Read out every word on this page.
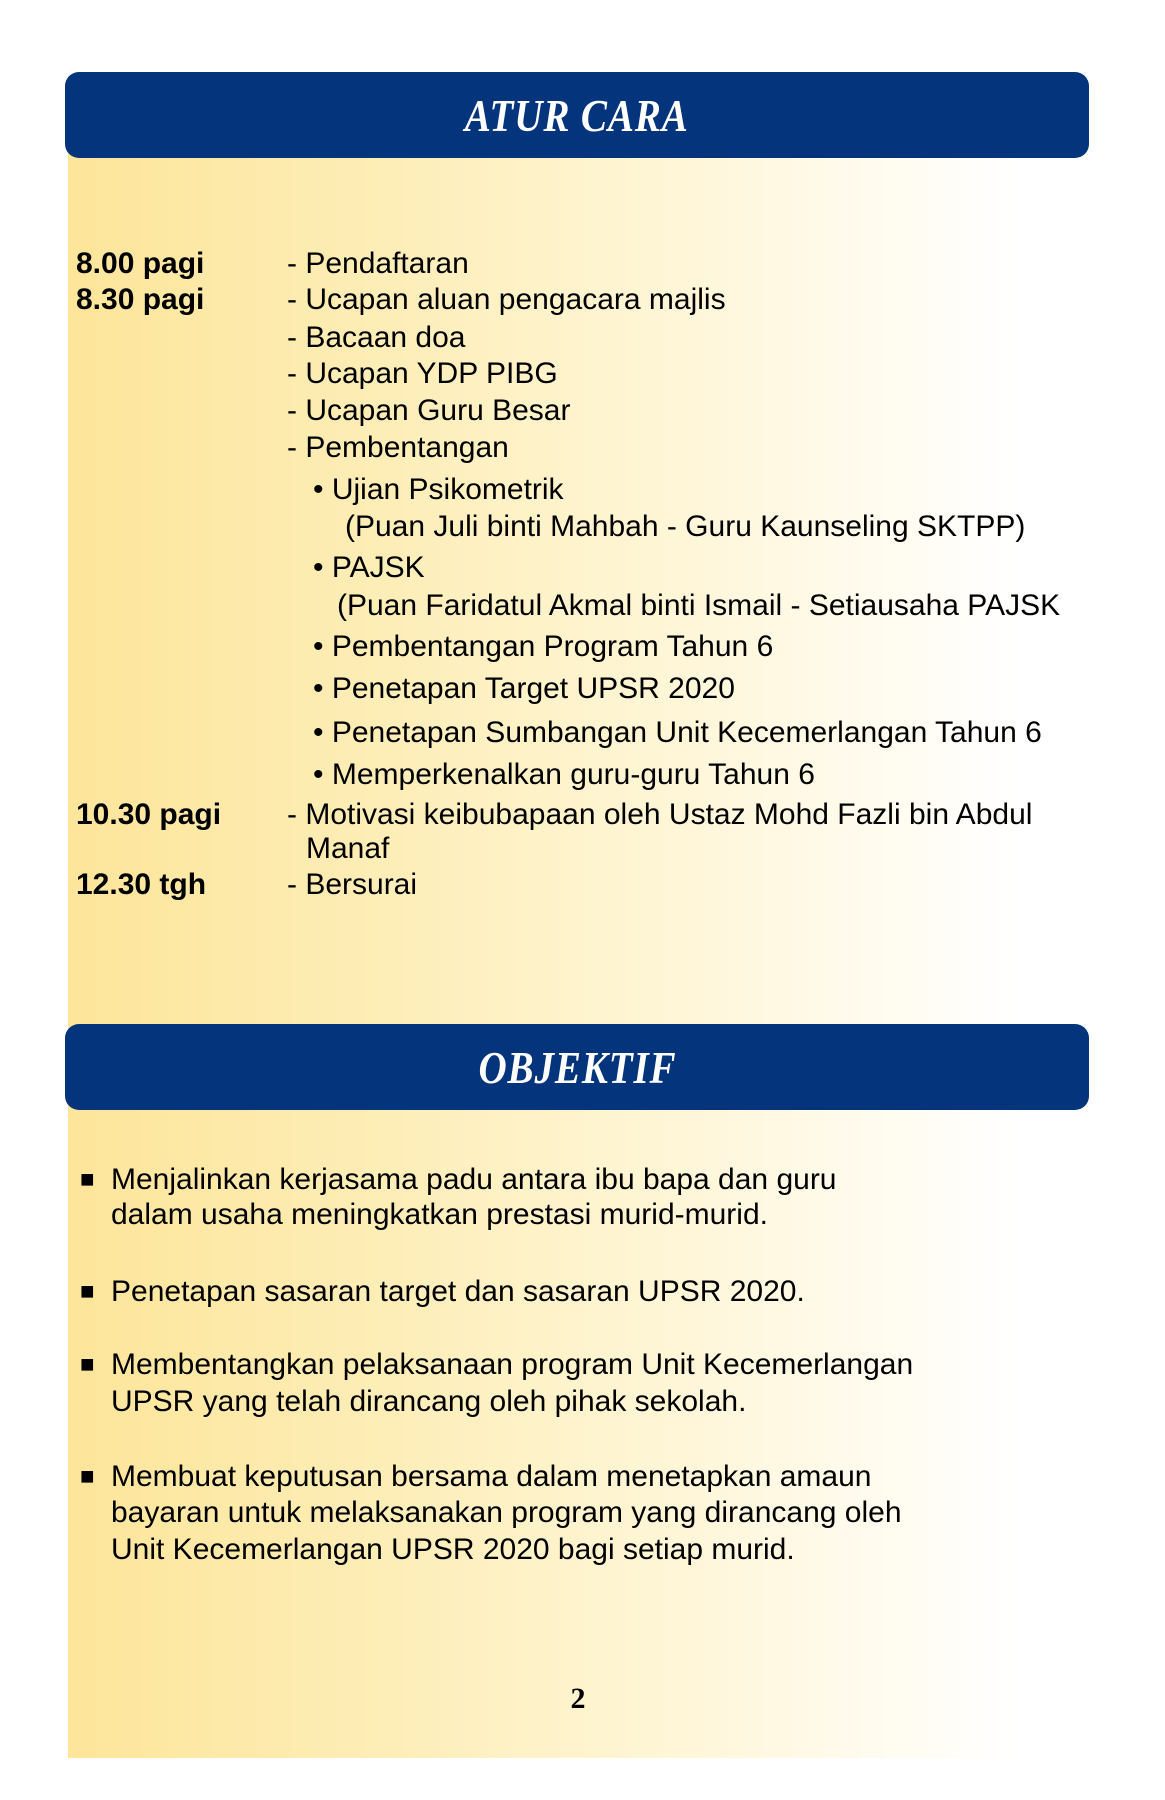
ATUR CARA
8.00 pagi	- Pendaftaran
8.30 pagi	- Ucapan aluan pengacara majlis
- Bacaan doa
- Ucapan YDP PIBG
- Ucapan Guru Besar
- Pembentangan
• Ujian Psikometrik
(Puan Juli binti Mahbah - Guru Kaunseling SKTPP)
• PAJSK
(Puan Faridatul Akmal binti Ismail - Setiausaha PAJSK
• Pembentangan Program Tahun 6
• Penetapan Target UPSR 2020
• Penetapan Sumbangan Unit Kecemerlangan Tahun 6
• Memperkenalkan guru-guru Tahun 6
10.30 pagi - Motivasi keibubapaan oleh Ustaz Mohd Fazli bin Abdul
Manaf
12.30 tgh	- Bersurai
OBJEKTIF
■ Menjalinkan kerjasama padu antara ibu bapa dan guru
dalam usaha meningkatkan prestasi murid-murid.
■ Penetapan sasaran target dan sasaran UPSR 2020.
■ Membentangkan pelaksanaan program Unit Kecemerlangan
UPSR yang telah dirancang oleh pihak sekolah.
■ Membuat keputusan bersama dalam menetapkan amaun
bayaran untuk melaksanakan program yang dirancang oleh
Unit Kecemerlangan UPSR 2020 bagi setiap murid.
2
